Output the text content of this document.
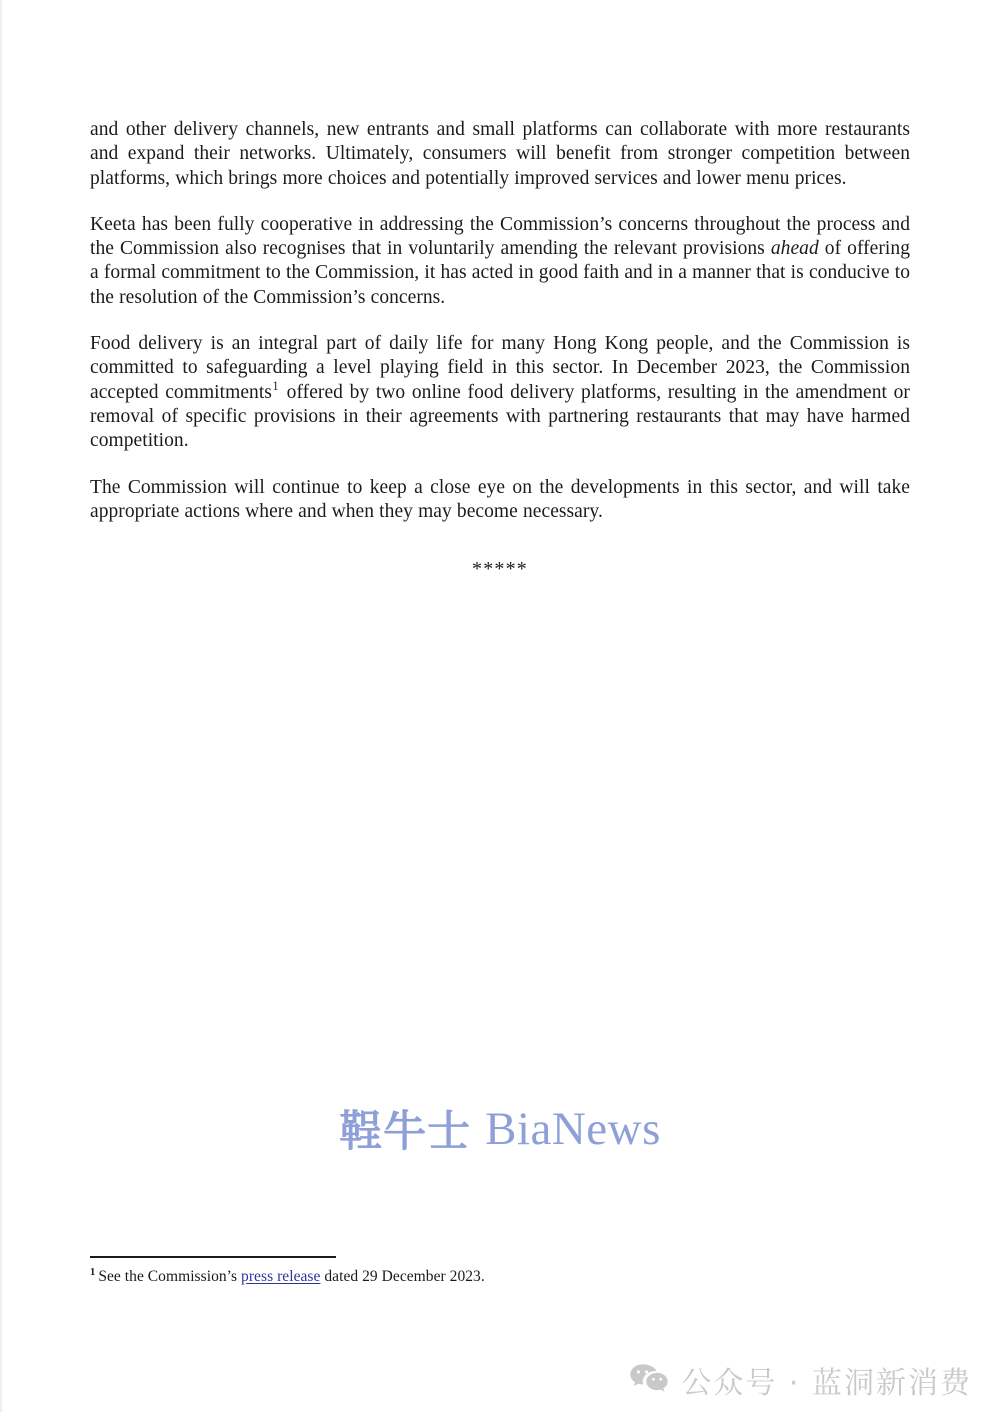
and other delivery channels, new entrants and small platforms can collaborate with more restaurants and expand their networks. Ultimately, consumers will benefit from stronger competition between platforms, which brings more choices and potentially improved services and lower menu prices.

Keeta has been fully cooperative in addressing the Commission’s concerns throughout the process and the Commission also recognises that in voluntarily amending the relevant provisions ahead of offering a formal commitment to the Commission, it has acted in good faith and in a manner that is conducive to the resolution of the Commission’s concerns.

Food delivery is an integral part of daily life for many Hong Kong people, and the Commission is committed to safeguarding a level playing field in this sector. In December 2023, the Commission accepted commitments$^1$ offered by two online food delivery platforms, resulting in the amendment or removal of specific provisions in their agreements with partnering restaurants that may have harmed competition.

The Commission will continue to keep a close eye on the developments in this sector, and will take appropriate actions where and when they may become necessary.

*****
鞓牛士 BiaNews
$^1$ See the Commission’s press release dated 29 December 2023.
公众号 · 蓝洞新消费
